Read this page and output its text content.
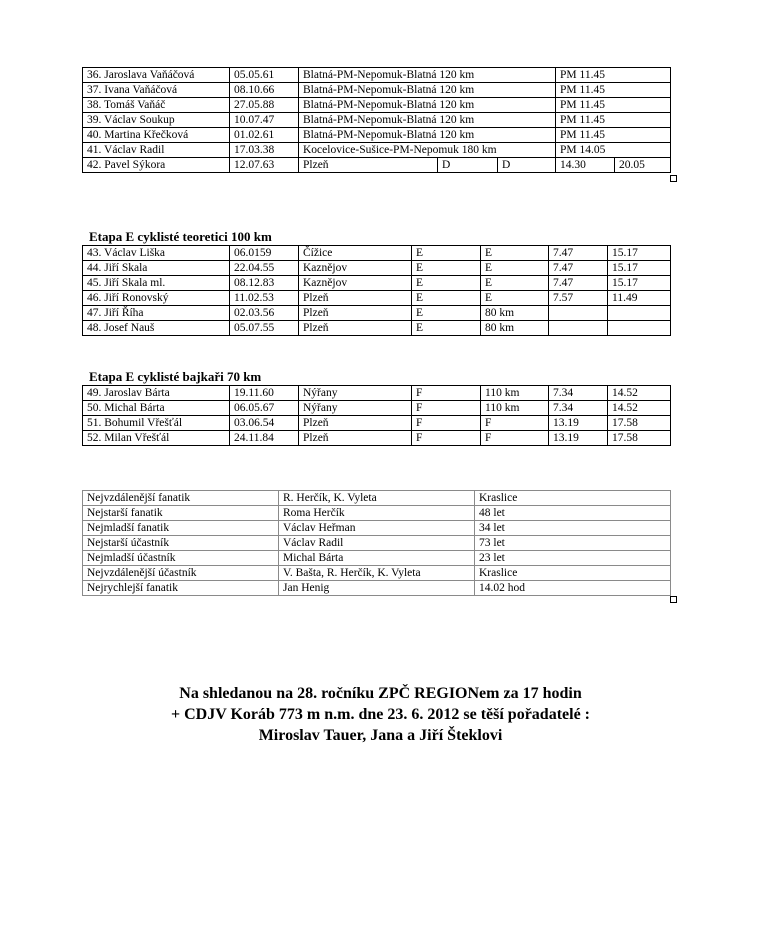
36. Jaroslava Vaňáčová	05.05.61	Blatná-PM-Nepomuk-Blatná 120 km			PM 11.45	
37. Ivana Vaňáčová	08.10.66	Blatná-PM-Nepomuk-Blatná 120 km			PM 11.45	
38. Tomáš Vaňáč	27.05.88	Blatná-PM-Nepomuk-Blatná 120 km			PM 11.45	
39. Václav Soukup	10.07.47	Blatná-PM-Nepomuk-Blatná 120 km			PM 11.45	
40. Martina Křečková	01.02.61	Blatná-PM-Nepomuk-Blatná 120 km			PM 11.45	
41. Václav Radil	17.03.38	Kocelovice-Sušice-PM-Nepomuk 180 km			PM 14.05	
42. Pavel Sýkora	12.07.63	Plzeň	D	D	14.30	20.05
Etapa E cyklisté teoretici 100 km
43. Václav Liška	06.0159	Čížice	E	E	7.47	15.17
44. Jiří Skala	22.04.55	Kaznějov	E	E	7.47	15.17
45. Jiří Skala ml.	08.12.83	Kaznějov	E	E	7.47	15.17
46. Jiří Ronovský	11.02.53	Plzeň	E	E	7.57	11.49
47. Jiří Říha	02.03.56	Plzeň	E	80 km		
48. Josef Nauš	05.07.55	Plzeň	E	80 km		
Etapa E cyklisté bajkaři 70 km
49. Jaroslav Bárta	19.11.60	Nýřany	F	110 km	7.34	14.52
50. Michal Bárta	06.05.67	Nýřany	F	110 km	7.34	14.52
51. Bohumil Vřešťál	03.06.54	Plzeň	F	F	13.19	17.58
52. Milan Vřešťál	24.11.84	Plzeň	F	F	13.19	17.58
Nejvzdálenější fanatik	R. Herčík, K. Vyleta	Kraslice
Nejstarší fanatik	Roma Herčík	48 let
Nejmladší fanatik	Václav Heřman	34 let
Nejstarší účastník	Václav Radil	73 let
Nejmladší účastník	Michal Bárta	23 let
Nejvzdálenější účastník	V. Bašta, R. Herčík, K. Vyleta	Kraslice
Nejrychlejší fanatik	Jan Henig	14.02 hod
Na shledanou na 28. ročníku ZPČ REGIONem za 17 hodin
+ CDJV Koráb 773 m n.m. dne 23. 6. 2012 se těší pořadatelé :
Miroslav Tauer, Jana a Jiří Šteklovi
